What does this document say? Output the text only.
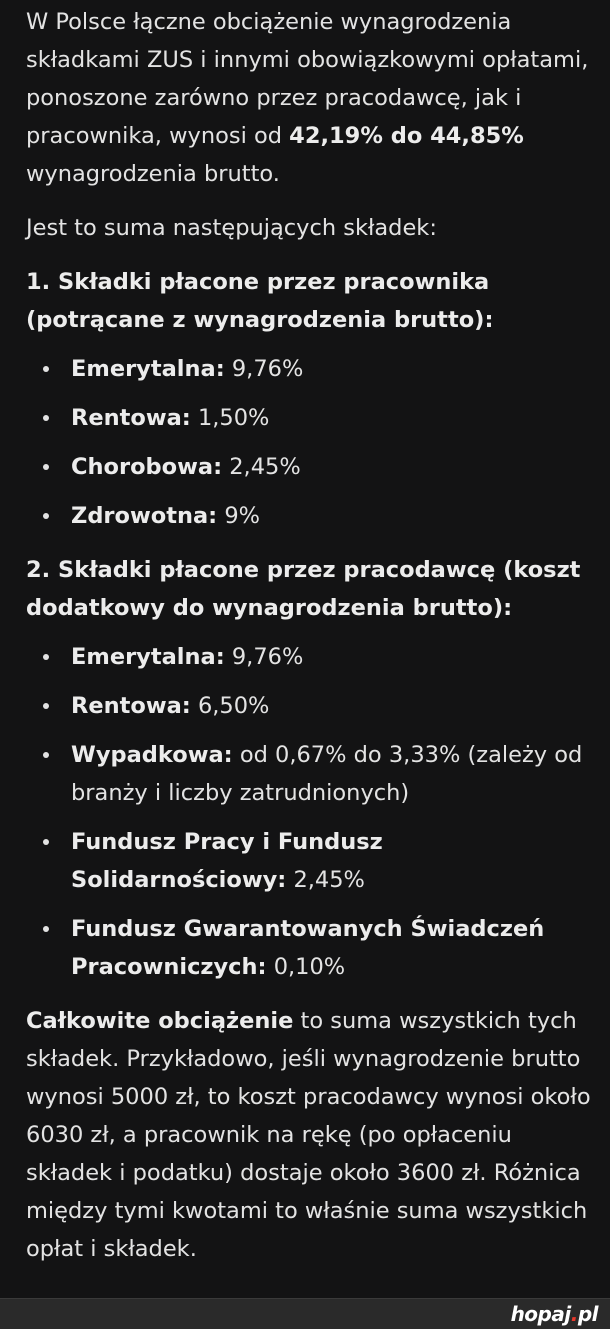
W Polsce łączne obciążenie wynagrodzenia składkami ZUS i innymi obowiązkowymi opłatami, ponoszone zarówno przez pracodawcę, jak i pracownika, wynosi od 42,19% do 44,85% wynagrodzenia brutto.

Jest to suma następujących składek:

1. Składki płacone przez pracownika (potrącane z wynagrodzenia brutto):

Emerytalna: 9,76%
Rentowa: 1,50%
Chorobowa: 2,45%
Zdrowotna: 9%

2. Składki płacone przez pracodawcę (koszt dodatkowy do wynagrodzenia brutto):

Emerytalna: 9,76%
Rentowa: 6,50%
Wypadkowa: od 0,67% do 3,33% (zależy od branży i liczby zatrudnionych)
Fundusz Pracy i Fundusz Solidarnościowy: 2,45%
Fundusz Gwarantowanych Świadczeń Pracowniczych: 0,10%

Całkowite obciążenie to suma wszystkich tych składek. Przykładowo, jeśli wynagrodzenie brutto wynosi 5000 zł, to koszt pracodawcy wynosi około 6030 zł, a pracownik na rękę (po opłaceniu składek i podatku) dostaje około 3600 zł. Różnica między tymi kwotami to właśnie suma wszystkich opłat i składek.

hopaj.pl
